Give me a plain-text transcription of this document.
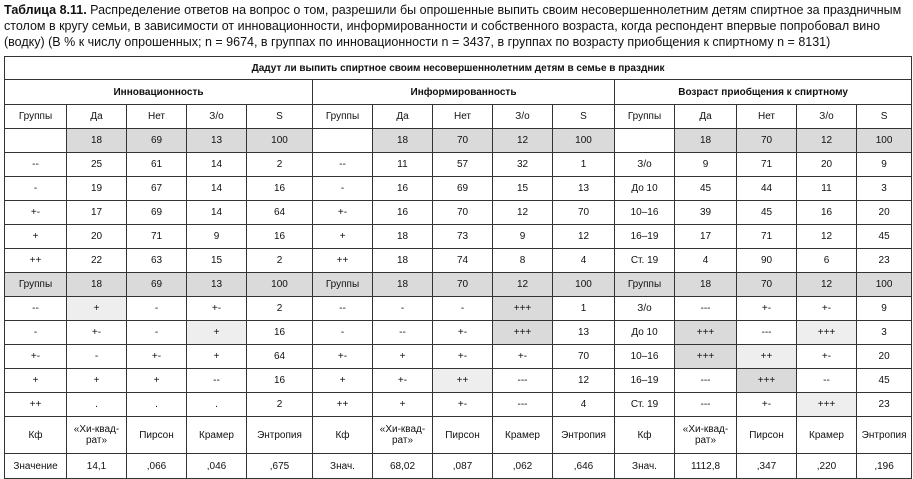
Таблица 8.11. Распределение ответов на вопрос о том, разрешили бы опрошенные выпить своим несовершеннолетним детям спиртное за праздничным столом в кругу семьи, в зависимости от инновационности, информированности и собственного возраста, когда респондент впервые попробовал вино (водку) (В % к числу опрошенных; n = 9674, в группах по инновационности n = 3437, в группах по возрасту приобщения к спиртному n = 8131)
Дадут ли выпить спиртное своим несовершеннолетним детям в семье в праздник														
Инновационность					Информированность					Возраст приобщения к спиртному				
Группы	Да	Нет	З/о	S	Группы	Да	Нет	З/о	S	Группы	Да	Нет	З/о	S
	18	69	13	100		18	70	12	100		18	70	12	100
--	25	61	14	2	--	11	57	32	1	З/о	9	71	20	9
-	19	67	14	16	-	16	69	15	13	До 10	45	44	11	3
+-	17	69	14	64	+-	16	70	12	70	10–16	39	45	16	20
+	20	71	9	16	+	18	73	9	12	16–19	17	71	12	45
++	22	63	15	2	++	18	74	8	4	Ст. 19	4	90	6	23
Группы	18	69	13	100	Группы	18	70	12	100	Группы	18	70	12	100
--	+	-	+-	2	--	-	-	+++	1	З/о	---	+-	+-	9
-	+-	-	+	16	-	--	+-	+++	13	До 10	+++	---	+++	3
+-	-	+-	+	64	+-	+	+-	+-	70	10–16	+++	++	+-	20
+	+	+	--	16	+	+-	++	---	12	16–19	---	+++	--	45
++	.	.	.	2	++	+	+-	---	4	Ст. 19	---	+-	+++	23
Кф	«Хи-квад-рат»	Пирсон	Крамер	Энтропия	Кф	«Хи-квад-рат»	Пирсон	Крамер	Энтропия	Кф	«Хи-квад-рат»	Пирсон	Крамер	Энтропия
Значение	14,1	,066	,046	,675	Знач.	68,02	,087	,062	,646	Знач.	1112,8	,347	,220	,196
